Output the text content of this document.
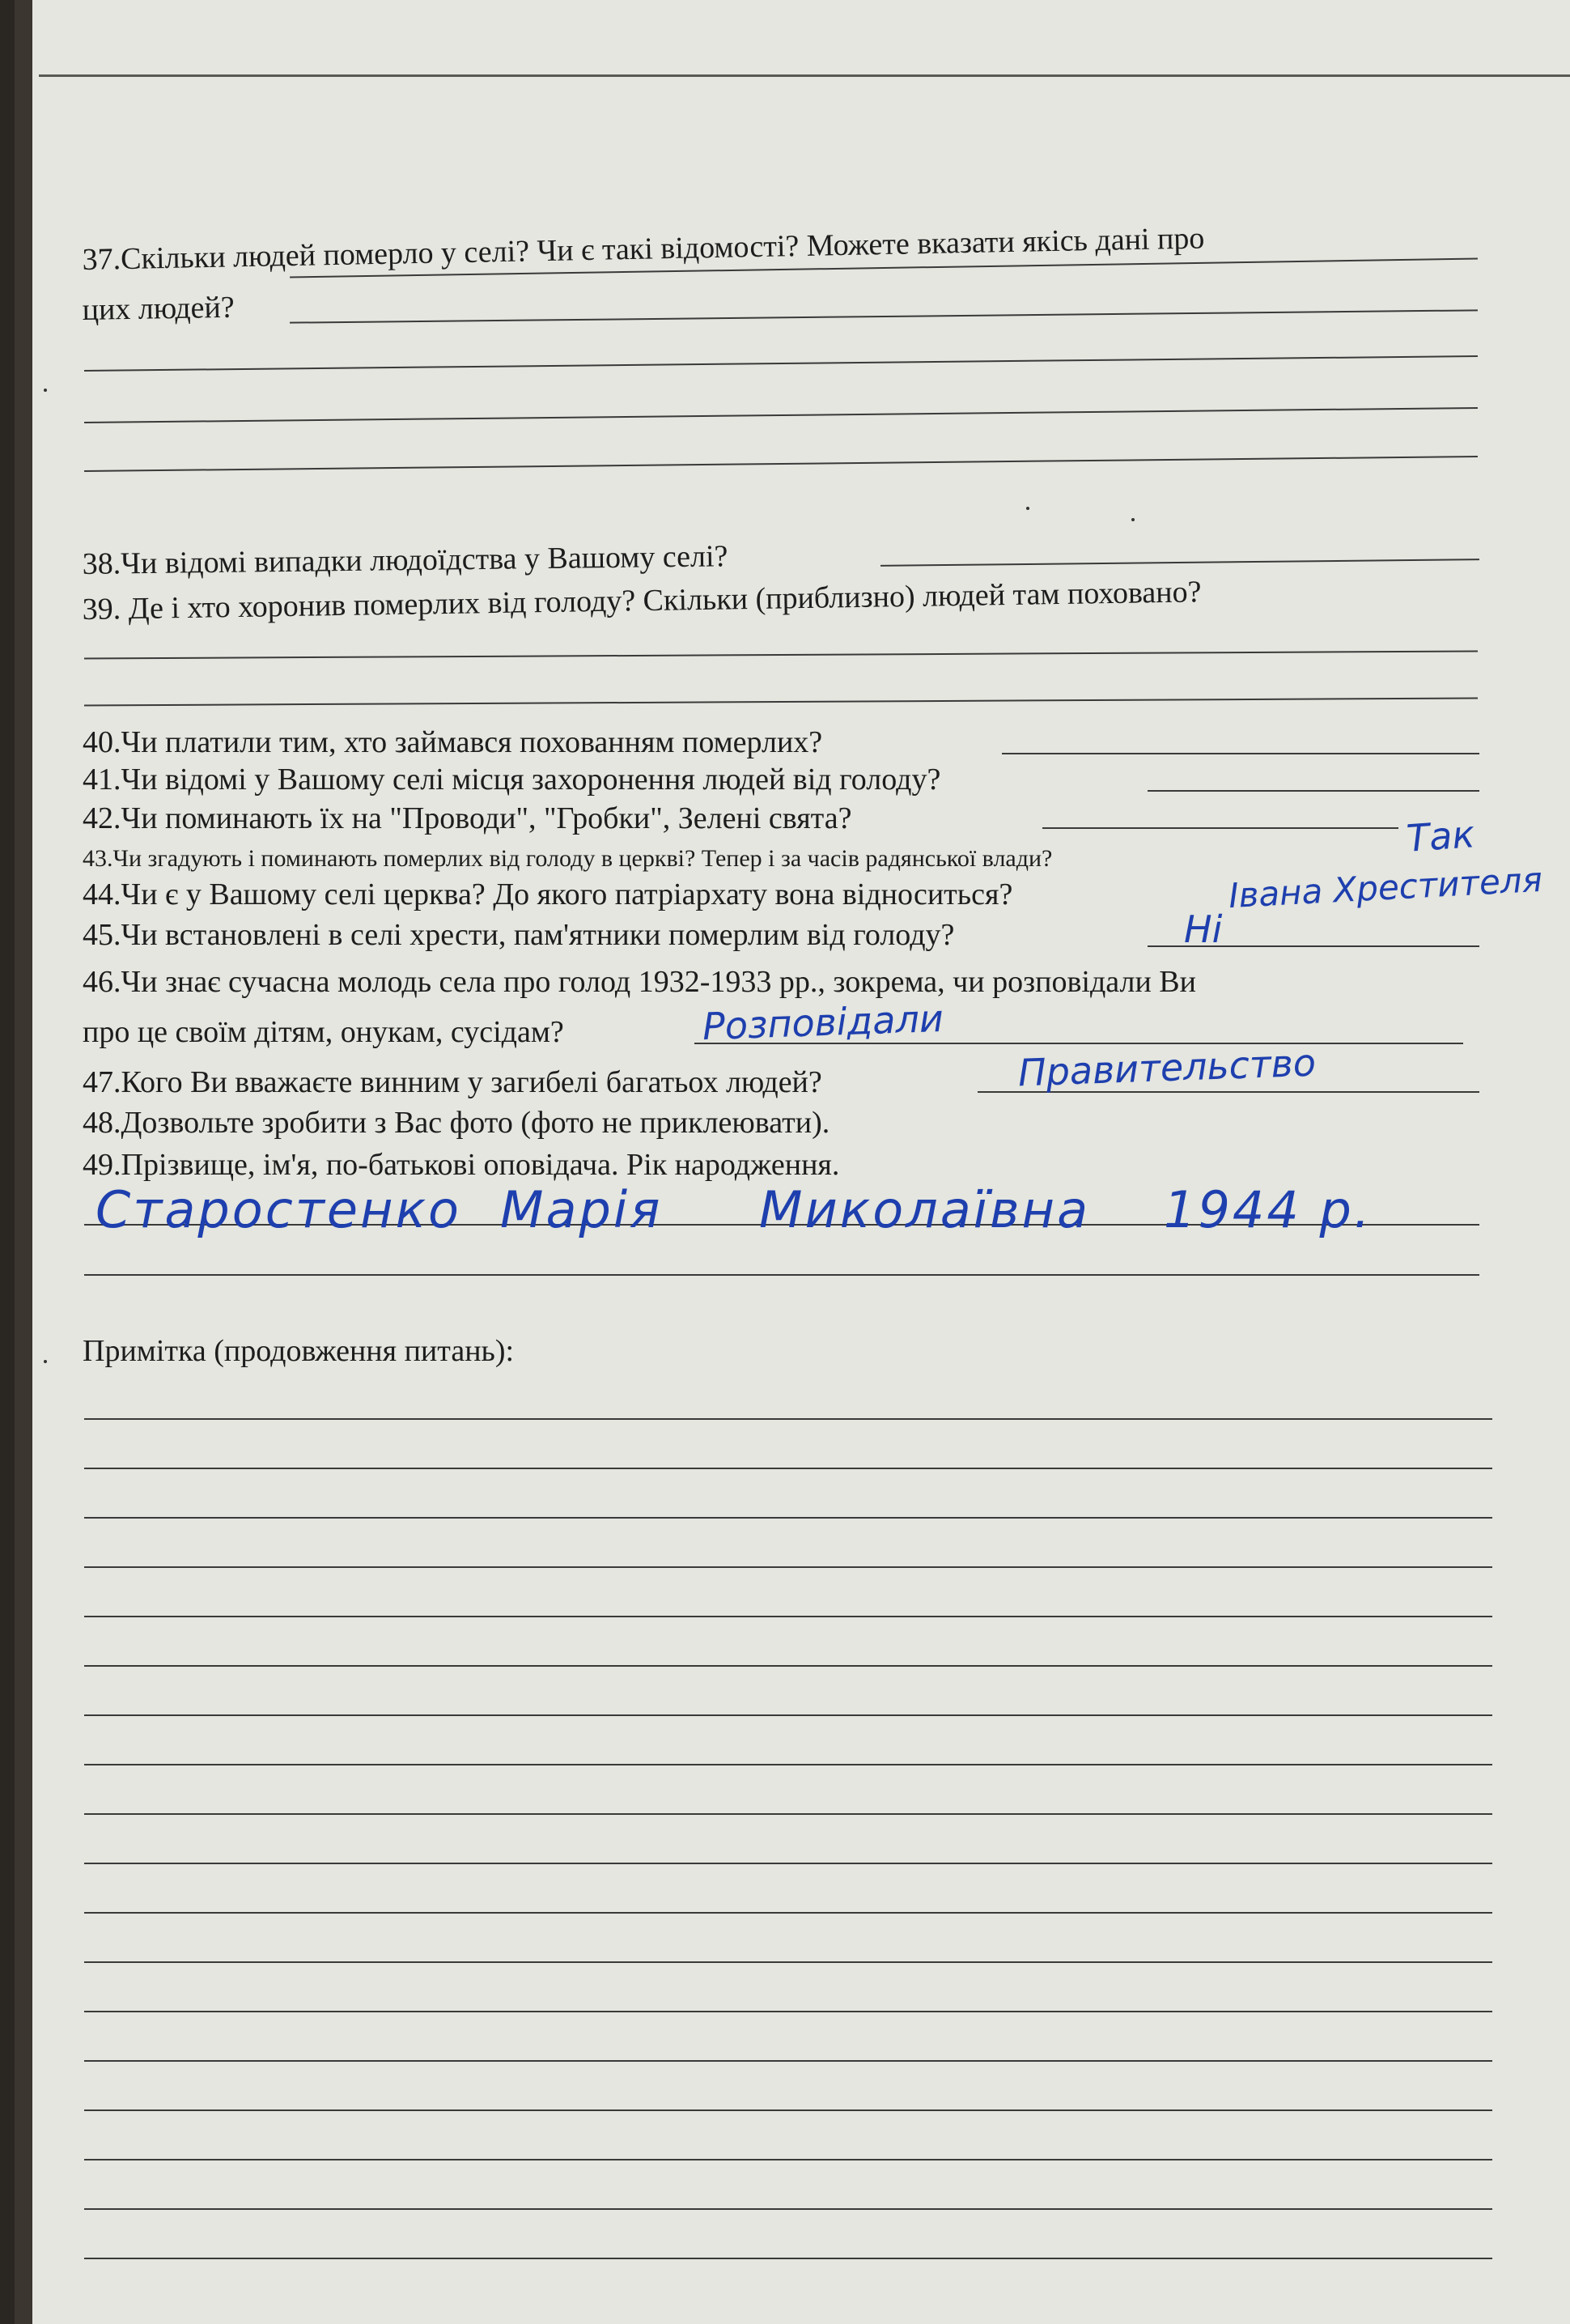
37.Скільки людей померло у селі? Чи є такі відомості? Можете вказати якісь дані про
цих людей?
38.Чи відомі випадки людоїдства у Вашому селі?
39. Де і хто хоронив померлих від голоду? Скільки (приблизно) людей там поховано?
40.Чи платили тим, хто займався похованням померлих?
41.Чи відомі у Вашому селі місця захоронення людей від голоду?
42.Чи поминають їх на "Проводи", "Гробки", Зелені свята?
43.Чи згадують і поминають померлих від голоду в церкві? Тепер і за часів радянської влади?	Так
44.Чи є у Вашому селі церква? До якого патріархату вона відноситься?	Івана Хрестителя
45.Чи встановлені в селі хрести, пам'ятники померлим від голоду?	Ні
46.Чи знає сучасна молодь села про голод 1932-1933 рр., зокрема, чи розповідали Ви
про це своїм дітям, онукам, сусідам?	Розповідали
47.Кого Ви вважаєте винним у загибелі багатьох людей?	Правительство
48.Дозвольте зробити з Вас фото (фото не приклеювати).
49.Прізвище, ім'я, по-батькові оповідача. Рік народження.
Старостенко Марія Миколаївна 1944 р.
Примітка (продовження питань):
